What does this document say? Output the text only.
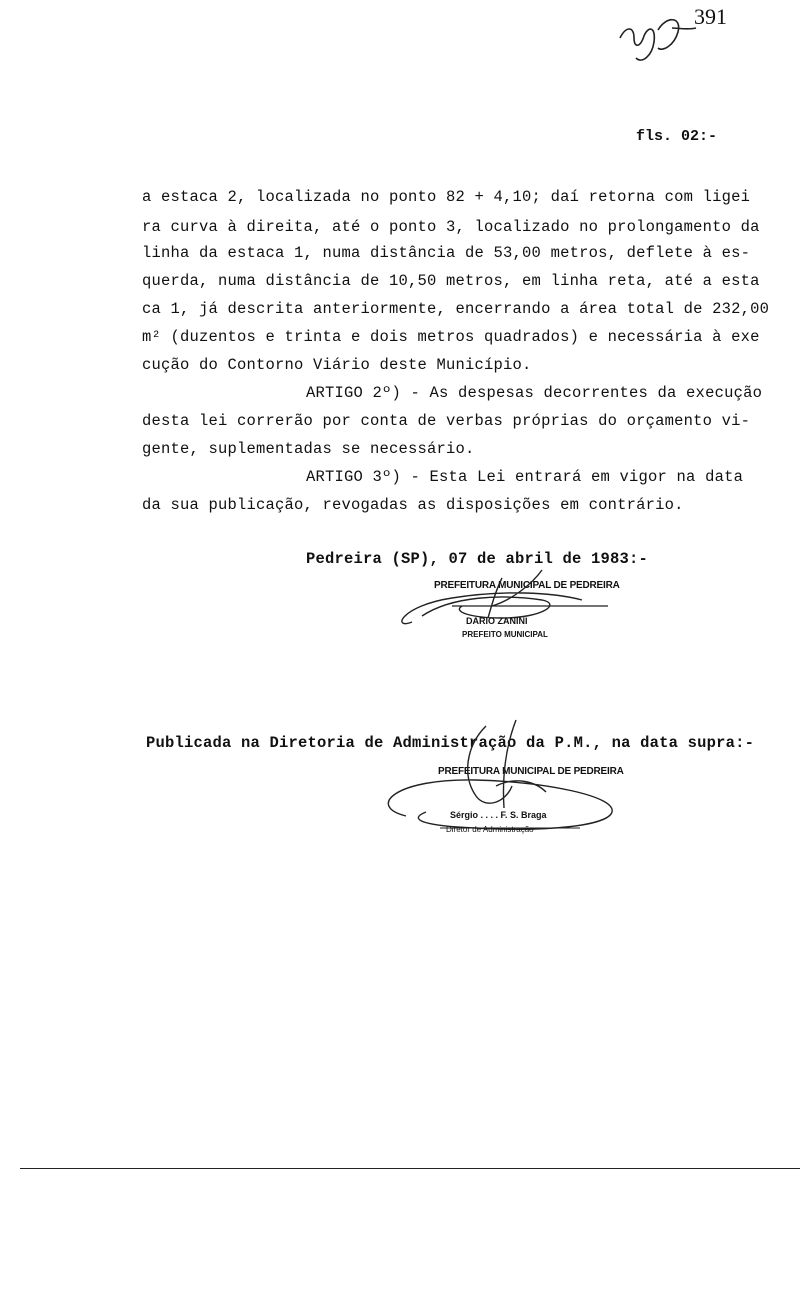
391
fls. 02:-
a estaca 2, localizada no ponto 82 + 4,10; daí retorna com ligei
ra curva à direita, até o ponto 3, localizado no prolongamento da
linha da estaca 1, numa distância de 53,00 metros, deflete à es-
querda, numa distância de 10,50 metros, em linha reta, até a esta
ca 1, já descrita anteriormente, encerrando a área total de 232,00
m² (duzentos e trinta e dois metros quadrados) e necessária à exe
cução do Contorno Viário deste Município.
ARTIGO 2º) - As despesas decorrentes da execução
desta lei correrão por conta de verbas próprias do orçamento vi-
gente, suplementadas se necessário.
ARTIGO 3º) - Esta Lei entrará em vigor na data
da sua publicação, revogadas as disposições em contrário.
Pedreira (SP), 07 de abril de 1983:-
PREFEITURA MUNICIPAL DE PEDREIRA
DARIO ZANINI
PREFEITO MUNICIPAL
Publicada na Diretoria de Administração da P.M., na data supra:-
PREFEITURA MUNICIPAL DE PEDREIRA
Sérgio . . . . F. S. Braga
Diretor de Administração
